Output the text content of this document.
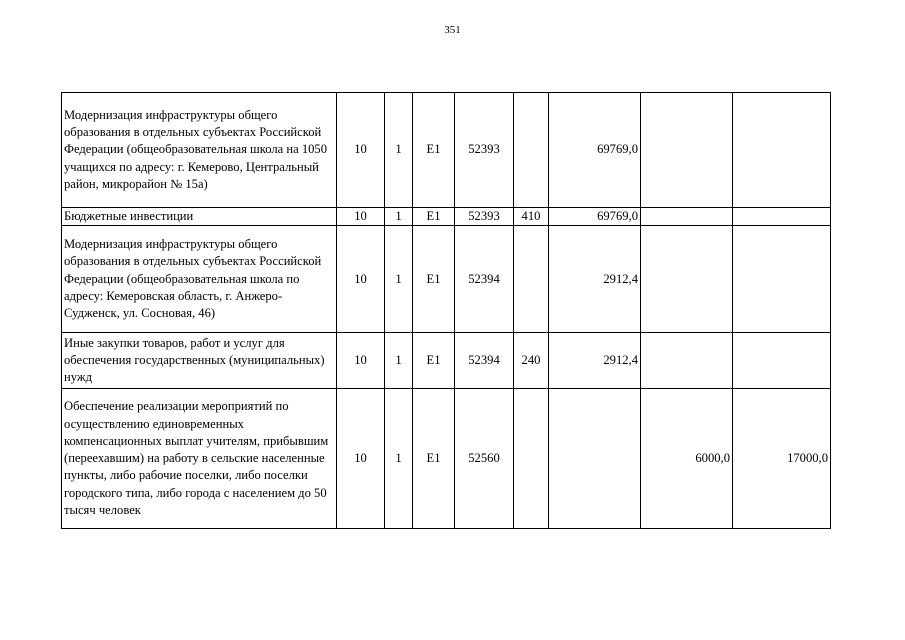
351
Модернизация инфраструктуры общего образования в отдельных субъектах Российской Федерации (общеобразовательная школа на 1050 учащихся по адресу: г. Кемерово, Центральный район, микрорайон № 15а)	10	1	E1	52393		69769,0		
Бюджетные инвестиции	10	1	E1	52393	410	69769,0		
Модернизация инфраструктуры общего образования в отдельных субъектах Российской Федерации (общеобразовательная школа по адресу: Кемеровская область, г. Анжеро-Судженск, ул. Сосновая, 46)	10	1	E1	52394		2912,4		
Иные закупки товаров, работ и услуг для обеспечения государственных (муниципальных) нужд	10	1	E1	52394	240	2912,4		
Обеспечение реализации мероприятий по осуществлению единовременных компенсационных выплат учителям, прибывшим (переехавшим) на работу в сельские населенные пункты, либо рабочие поселки, либо поселки городского типа, либо города с населением до 50 тысяч человек	10	1	E1	52560			6000,0	17000,0
